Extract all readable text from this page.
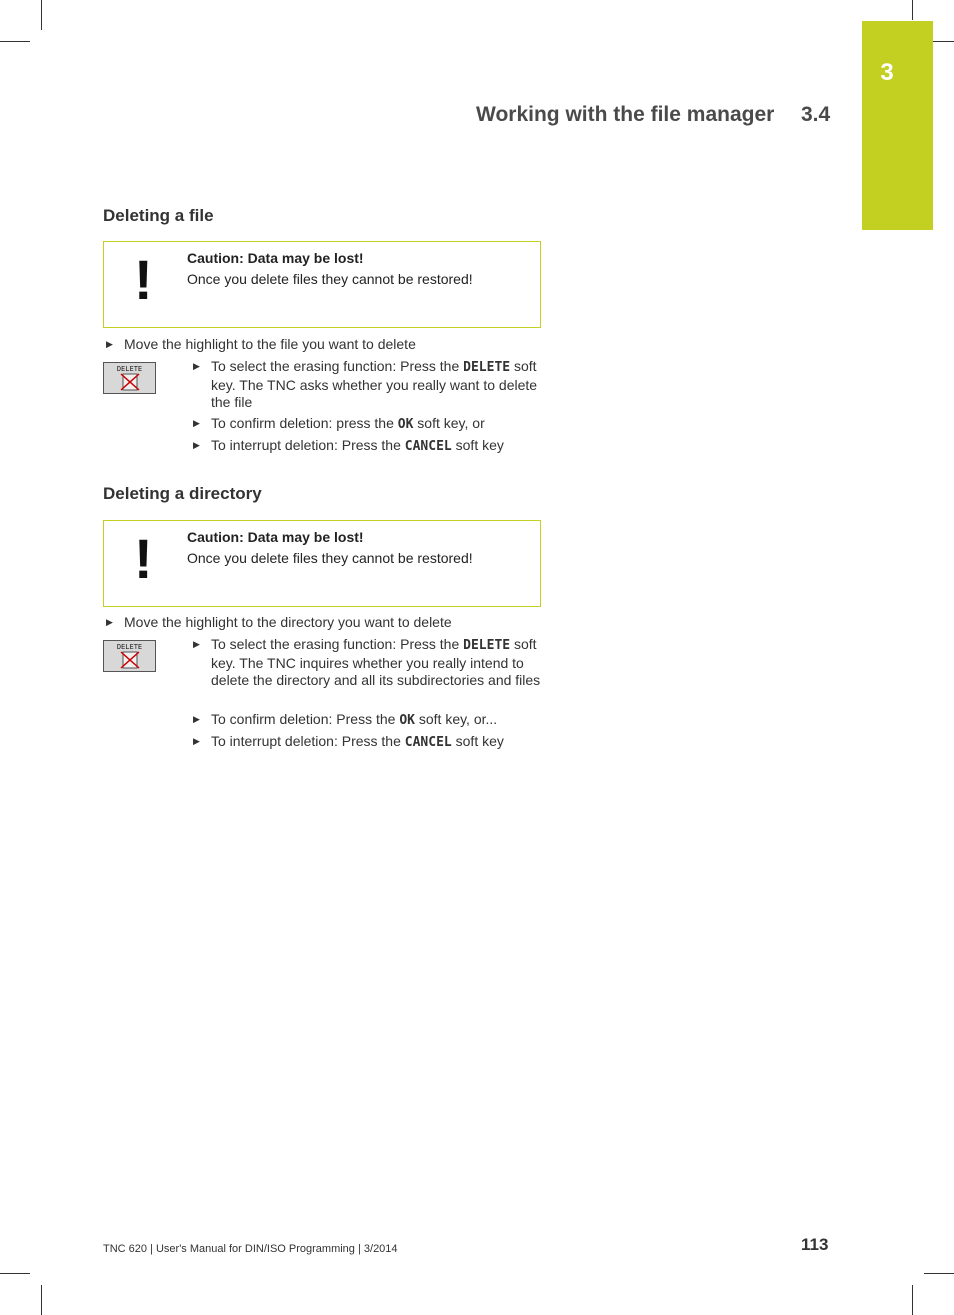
3
Working with the file manager 3.4
Deleting a file
! Caution: Data may be lost!
Once you delete files they cannot be restored!
▶ Move the highlight to the file you want to delete
DELETE	▶ To select the erasing function: Press the DELETE soft key. The TNC asks whether you really want to delete the file
▶ To confirm deletion: press the OK soft key, or
▶ To interrupt deletion: Press the CANCEL soft key
Deleting a directory
! Caution: Data may be lost!
Once you delete files they cannot be restored!
▶ Move the highlight to the directory you want to delete
DELETE	▶ To select the erasing function: Press the DELETE soft key. The TNC inquires whether you really intend to delete the directory and all its subdirectories and files
▶ To confirm deletion: Press the OK soft key, or...
▶ To interrupt deletion: Press the CANCEL soft key
TNC 620 | User's Manual for DIN/ISO Programming | 3/2014	113
